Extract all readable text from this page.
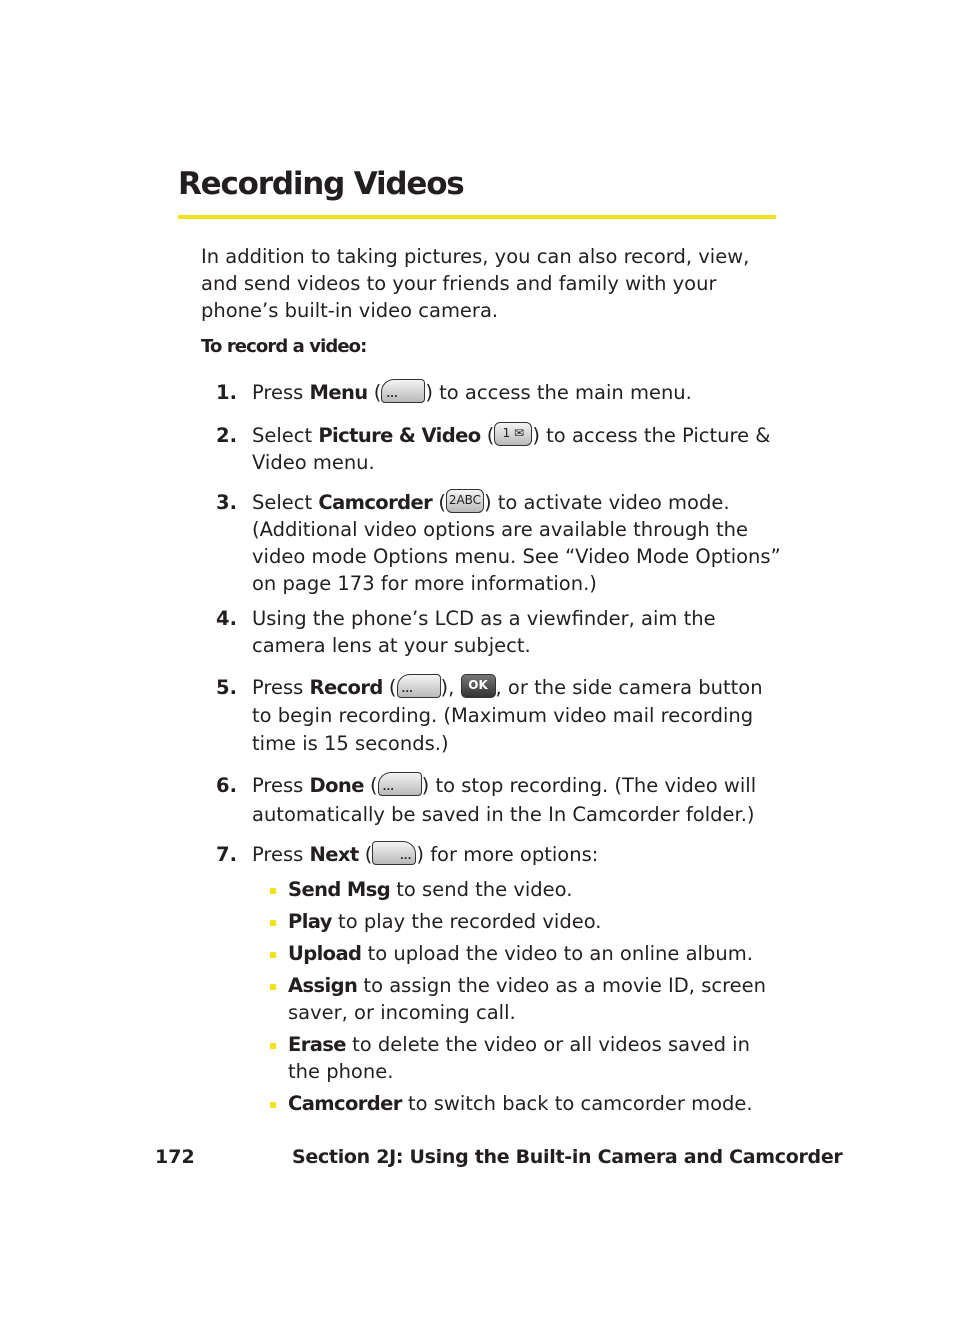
Recording Videos

In addition to taking pictures, you can also record, view, and send videos to your friends and family with your phone’s built-in video camera.

To record a video:

1. Press Menu ( ... ) to access the main menu.
2. Select Picture & Video ( 1 ✉ ) to access the Picture & Video menu.
3. Select Camcorder ( 2ABC ) to activate video mode. (Additional video options are available through the video mode Options menu. See “Video Mode Options” on page 173 for more information.)
4. Using the phone’s LCD as a viewfinder, aim the camera lens at your subject.
5. Press Record ( ... ), OK , or the side camera button to begin recording. (Maximum video mail recording time is 15 seconds.)
6. Press Done ( ... ) to stop recording. (The video will automatically be saved in the In Camcorder folder.)
7. Press Next (	... ) for more options:
Send Msg to send the video.
Play to play the recorded video.
Upload to upload the video to an online album.
Assign to assign the video as a movie ID, screen saver, or incoming call.
Erase to delete the video or all videos saved in the phone.
Camcorder to switch back to camcorder mode.
172	Section 2J: Using the Built-in Camera and Camcorder
